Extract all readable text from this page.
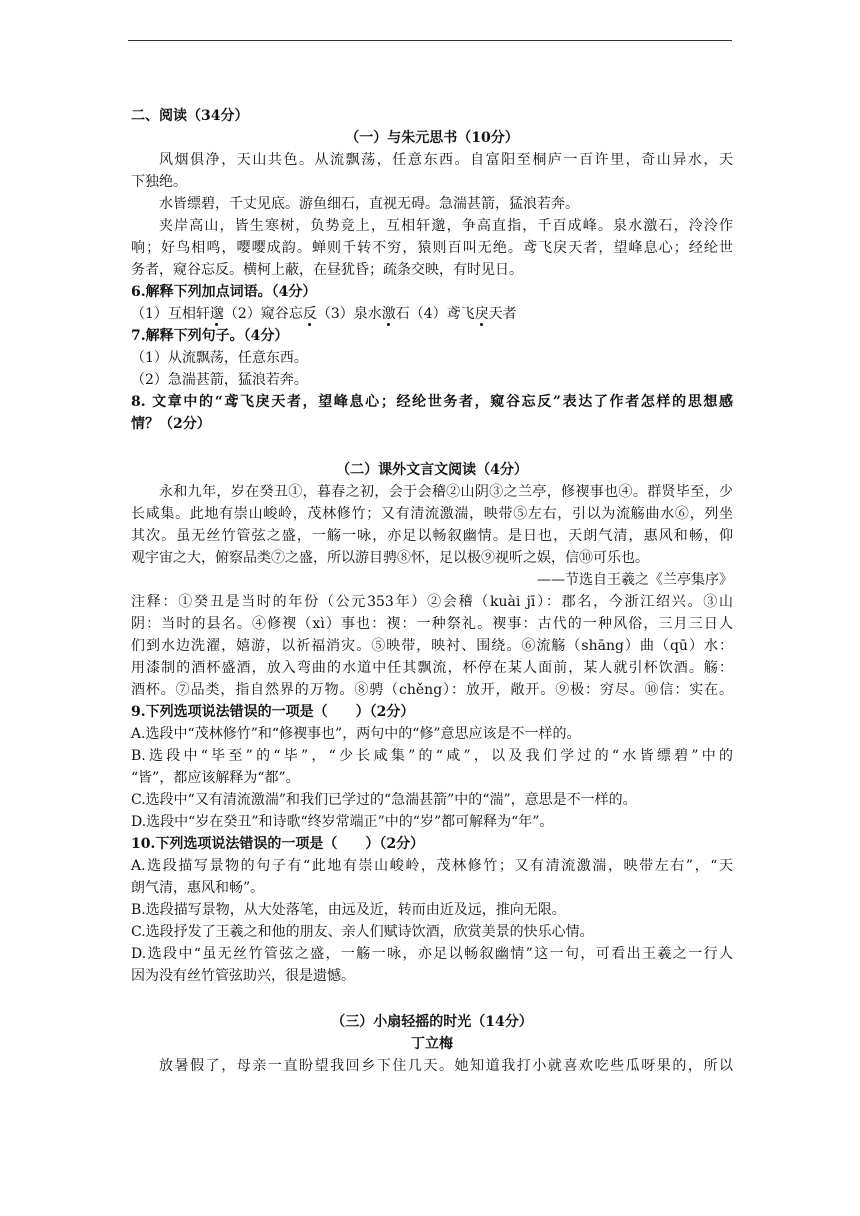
二、阅读（34分）
（一）与朱元思书（10分）
风烟俱净，天山共色。从流飘荡，任意东西。自富阳至桐庐一百许里，奇山异水，天
下独绝。
水皆缥碧，千丈见底。游鱼细石，直视无碍。急湍甚箭，猛浪若奔。
夹岸高山，皆生寒树，负势竞上，互相轩邈，争高直指，千百成峰。泉水激石，泠泠作
响；好鸟相鸣，嘤嘤成韵。蝉则千转不穷，猿则百叫无绝。鸢飞戾天者，望峰息心；经纶世
务者，窥谷忘反。横柯上蔽，在昼犹昏；疏条交映，有时见日。
6.解释下列加点词语。（4分）
（1）互相轩邈（2）窥谷忘反（3）泉水激石（4）鸢飞戾天者
7.解释下列句子。（4分）
（1）从流飘荡，任意东西。
（2）急湍甚箭，猛浪若奔。
8. 文章中的“鸢飞戾天者，望峰息心；经纶世务者，窥谷忘反”表达了作者怎样的思想感
情？（2分）
（二）课外文言文阅读（4分）
永和九年，岁在癸丑①，暮春之初，会于会稽②山阴③之兰亭，修褉事也④。群贤毕至，少
长咸集。此地有崇山峻岭，茂林修竹；又有清流激湍，映带⑤左右，引以为流觞曲水⑥，列坐
其次。虽无丝竹管弦之盛，一觞一咏，亦足以畅叙幽情。是日也，天朗气清，惠风和畅，仰
观宇宙之大，俯察品类⑦之盛，所以游目骋⑧怀，足以极⑨视听之娱，信⑩可乐也。
——节选自王羲之《兰亭集序》
注释：①癸丑是当时的年份（公元353年）②会稽（kuài jī）：郡名，今浙江绍兴。③山
阴：当时的县名。④修褉（xì）事也：褉：一种祭礼。褉事：古代的一种风俗，三月三日人
们到水边洗濯，嬉游，以祈福消灾。⑤映带，映衬、围绕。⑥流觞（shāng）曲（qū）水：
用漆制的酒杯盛酒，放入弯曲的水道中任其飘流，杯停在某人面前，某人就引杯饮酒。觞：
酒杯。⑦品类，指自然界的万物。⑧骋（chěng）：放开，敞开。⑨极：穷尽。⑩信：实在。
9.下列选项说法错误的一项是（　　）（2分）
A.选段中“茂林修竹”和“修褉事也”，两句中的“修”意思应该是不一样的。
B.选段中“毕至”的“毕”，“少长咸集”的“咸”，以及我们学过的“水皆缥碧”中的
“皆”，都应该解释为“都”。
C.选段中“又有清流激湍”和我们已学过的“急湍甚箭”中的“湍”，意思是不一样的。
D.选段中“岁在癸丑”和诗歌“终岁常端正”中的“岁”都可解释为“年”。
10.下列选项说法错误的一项是（　　）（2分）
A.选段描写景物的句子有“此地有崇山峻岭，茂林修竹；又有清流激湍，映带左右”，“天
朗气清，惠风和畅”。
B.选段描写景物，从大处落笔，由远及近，转而由近及远，推向无限。
C.选段抒发了王羲之和他的朋友、亲人们赋诗饮酒，欣赏美景的快乐心情。
D.选段中“虽无丝竹管弦之盛，一觞一咏，亦足以畅叙幽情”这一句，可看出王羲之一行人
因为没有丝竹管弦助兴，很是遗憾。
（三）小扇轻摇的时光（14分）
丁立梅
放暑假了，母亲一直盼望我回乡下住几天。她知道我打小就喜欢吃些瓜呀果的，所以
